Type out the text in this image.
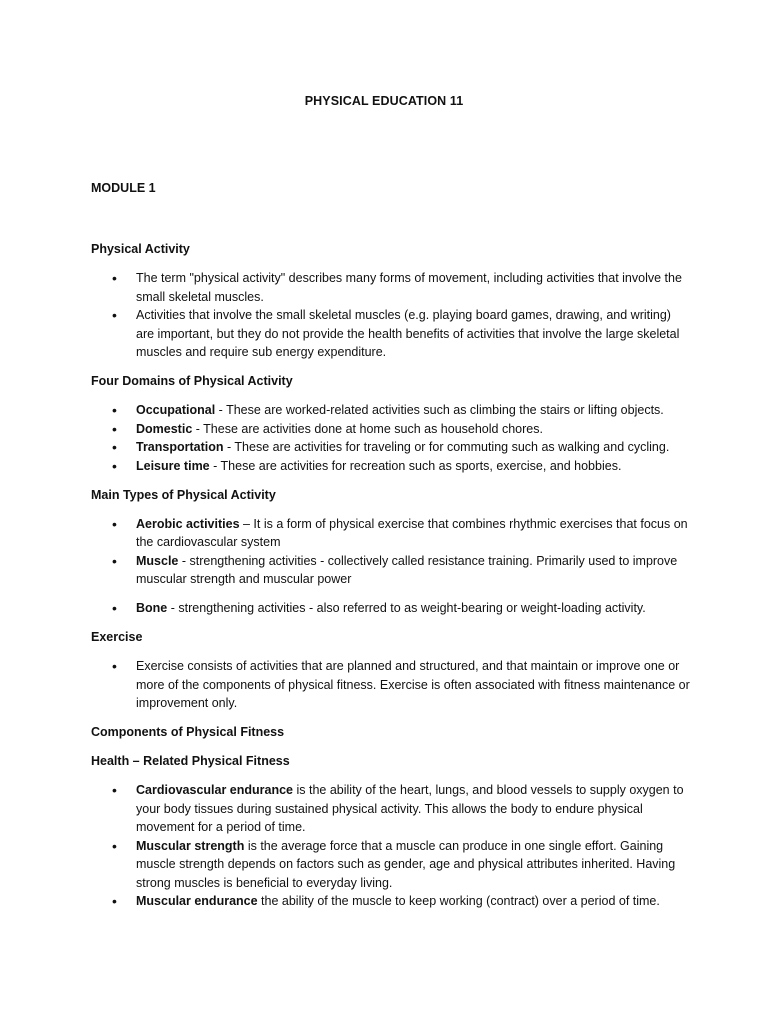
PHYSICAL EDUCATION 11
MODULE 1
Physical Activity
• The term "physical activity" describes many forms of movement, including activities that involve the small skeletal muscles.
• Activities that involve the small skeletal muscles (e.g. playing board games, drawing, and writing) are important, but they do not provide the health benefits of activities that involve the large skeletal muscles and require sub energy expenditure.
Four Domains of Physical Activity
• Occupational - These are worked-related activities such as climbing the stairs or lifting objects.
• Domestic - These are activities done at home such as household chores.
• Transportation - These are activities for traveling or for commuting such as walking and cycling.
• Leisure time - These are activities for recreation such as sports, exercise, and hobbies.
Main Types of Physical Activity
• Aerobic activities – It is a form of physical exercise that combines rhythmic exercises that focus on the cardiovascular system
• Muscle - strengthening activities - collectively called resistance training. Primarily used to improve muscular strength and muscular power
• Bone - strengthening activities - also referred to as weight-bearing or weight-loading activity.
Exercise
• Exercise consists of activities that are planned and structured, and that maintain or improve one or more of the components of physical fitness. Exercise is often associated with fitness maintenance or improvement only.
Components of Physical Fitness
Health – Related Physical Fitness
• Cardiovascular endurance is the ability of the heart, lungs, and blood vessels to supply oxygen to your body tissues during sustained physical activity. This allows the body to endure physical movement for a period of time.
• Muscular strength is the average force that a muscle can produce in one single effort. Gaining muscle strength depends on factors such as gender, age and physical attributes inherited. Having strong muscles is beneficial to everyday living.
• Muscular endurance the ability of the muscle to keep working (contract) over a period of time.
